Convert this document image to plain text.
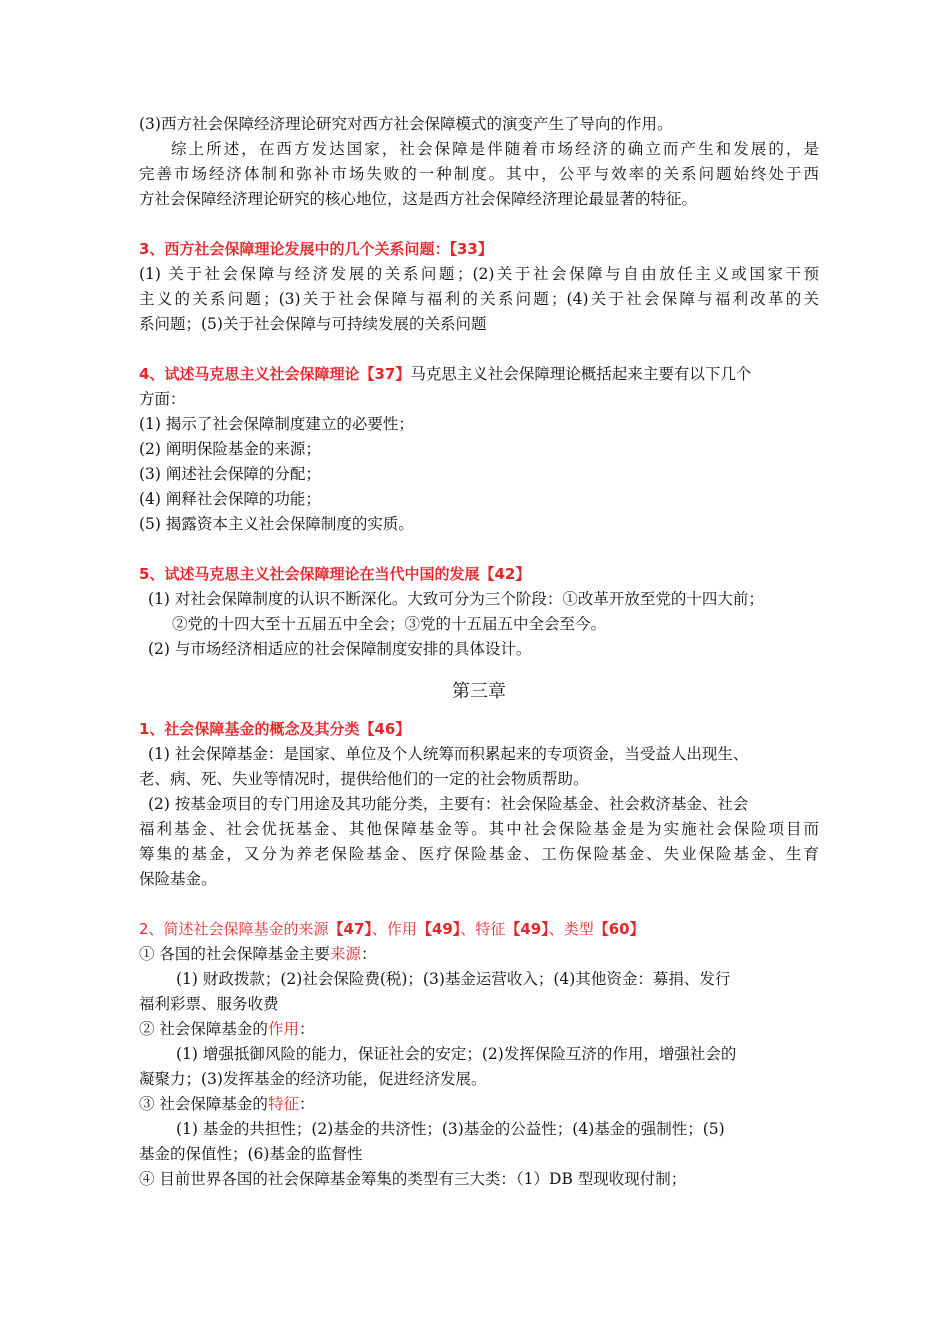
(3)西方社会保障经济理论研究对西方社会保障模式的演变产生了导向的作用。
综上所述，在西方发达国家，社会保障是伴随着市场经济的确立而产生和发展的，是
完善市场经济体制和弥补市场失败的一种制度。其中，公平与效率的关系问题始终处于西
方社会保障经济理论研究的核心地位，这是西方社会保障经济理论最显著的特征。
3、西方社会保障理论发展中的几个关系问题：【33】
(1) 关于社会保障与经济发展的关系问题；(2)关于社会保障与自由放任主义或国家干预
主义的关系问题；(3)关于社会保障与福利的关系问题；(4)关于社会保障与福利改革的关
系问题；(5)关于社会保障与可持续发展的关系问题
4、试述马克思主义社会保障理论【37】马克思主义社会保障理论概括起来主要有以下几个
方面：
(1) 揭示了社会保障制度建立的必要性；
(2) 阐明保险基金的来源；
(3) 阐述社会保障的分配；
(4) 阐释社会保障的功能；
(5) 揭露资本主义社会保障制度的实质。
5、试述马克思主义社会保障理论在当代中国的发展【42】
(1) 对社会保障制度的认识不断深化。大致可分为三个阶段：①改革开放至党的十四大前；
②党的十四大至十五届五中全会；③党的十五届五中全会至今。
(2) 与市场经济相适应的社会保障制度安排的具体设计。
第三章
1、社会保障基金的概念及其分类【46】
(1) 社会保障基金：是国家、单位及个人统筹而积累起来的专项资金，当受益人出现生、
老、病、死、失业等情况时，提供给他们的一定的社会物质帮助。
(2) 按基金项目的专门用途及其功能分类，主要有：社会保险基金、社会救济基金、社会
福利基金、社会优抚基金、其他保障基金等。其中社会保险基金是为实施社会保险项目而
筹集的基金，又分为养老保险基金、医疗保险基金、工伤保险基金、失业保险基金、生育
保险基金。
2、简述社会保障基金的来源【47】、作用【49】、特征【49】、类型【60】
① 各国的社会保障基金主要来源：
(1) 财政拨款；(2)社会保险费(税)；(3)基金运营收入；(4)其他资金：募捐、发行
福利彩票、服务收费
② 社会保障基金的作用：
(1) 增强抵御风险的能力，保证社会的安定；(2)发挥保险互济的作用，增强社会的
凝聚力；(3)发挥基金的经济功能，促进经济发展。
③ 社会保障基金的特征：
(1) 基金的共担性；(2)基金的共济性；(3)基金的公益性；(4)基金的强制性；(5)
基金的保值性；(6)基金的监督性
④ 目前世界各国的社会保障基金筹集的类型有三大类：（1）DB 型现收现付制；
